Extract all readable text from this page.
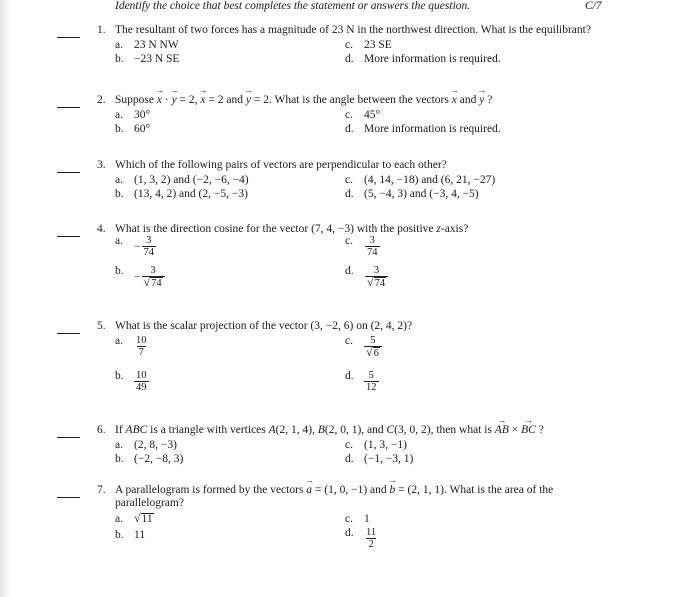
Identify the choice that best completes the statement or answers the question.	C/7
1. The resultant of two forces has a magnitude of 23 N in the northwest direction. What is the equilibrant?
a. 23 N NW
b. −23 N SE
c. 23 SE
d. More information is required.
2. Suppose → x · → y = 2, → x = 2 and → y = 2. What is the angle between the vectors → x and → y ?
a. 30°
b. 60°
c. 45°
d. More information is required.
3. Which of the following pairs of vectors are perpendicular to each other?
a. (1, 3, 2) and (−2, −6, −4)
b. (13, 4, 2) and (2, −5, −3)
c. (4, 14, −18) and (6, 21, −27)
d. (5, −4, 3) and (−3, 4, −5)
4. What is the direction cosine for the vector (7, 4, −3) with the positive z-axis?
a. − $\frac{3}{74}$
b. − $\frac{3}{√ 74}$
c. $\frac{3}{74}$
d. $\frac{3}{√ 74}$
5. What is the scalar projection of the vector (3, −2, 6) on (2, 4, 2)?
a. $\frac{10}{7}$
b. $\frac{10}{49}$
c. $\frac{5}{√ 6}$
d. $\frac{5}{12}$
6. If ABC is a triangle with vertices A(2, 1, 4), B(2, 0, 1), and C(3, 0, 2), then what is → AB × → BC ?
a. (2, 8, −3)
b. (−2, −8, 3)
c. (1, 3, −1)
d. (−1, −3, 1)
7. A parallelogram is formed by the vectors → a = (1, 0, −1) and → b = (2, 1, 1). What is the area of the parallelogram?
a. √ 11
b. 11
c. 1
d. $\frac{11}{2}$
